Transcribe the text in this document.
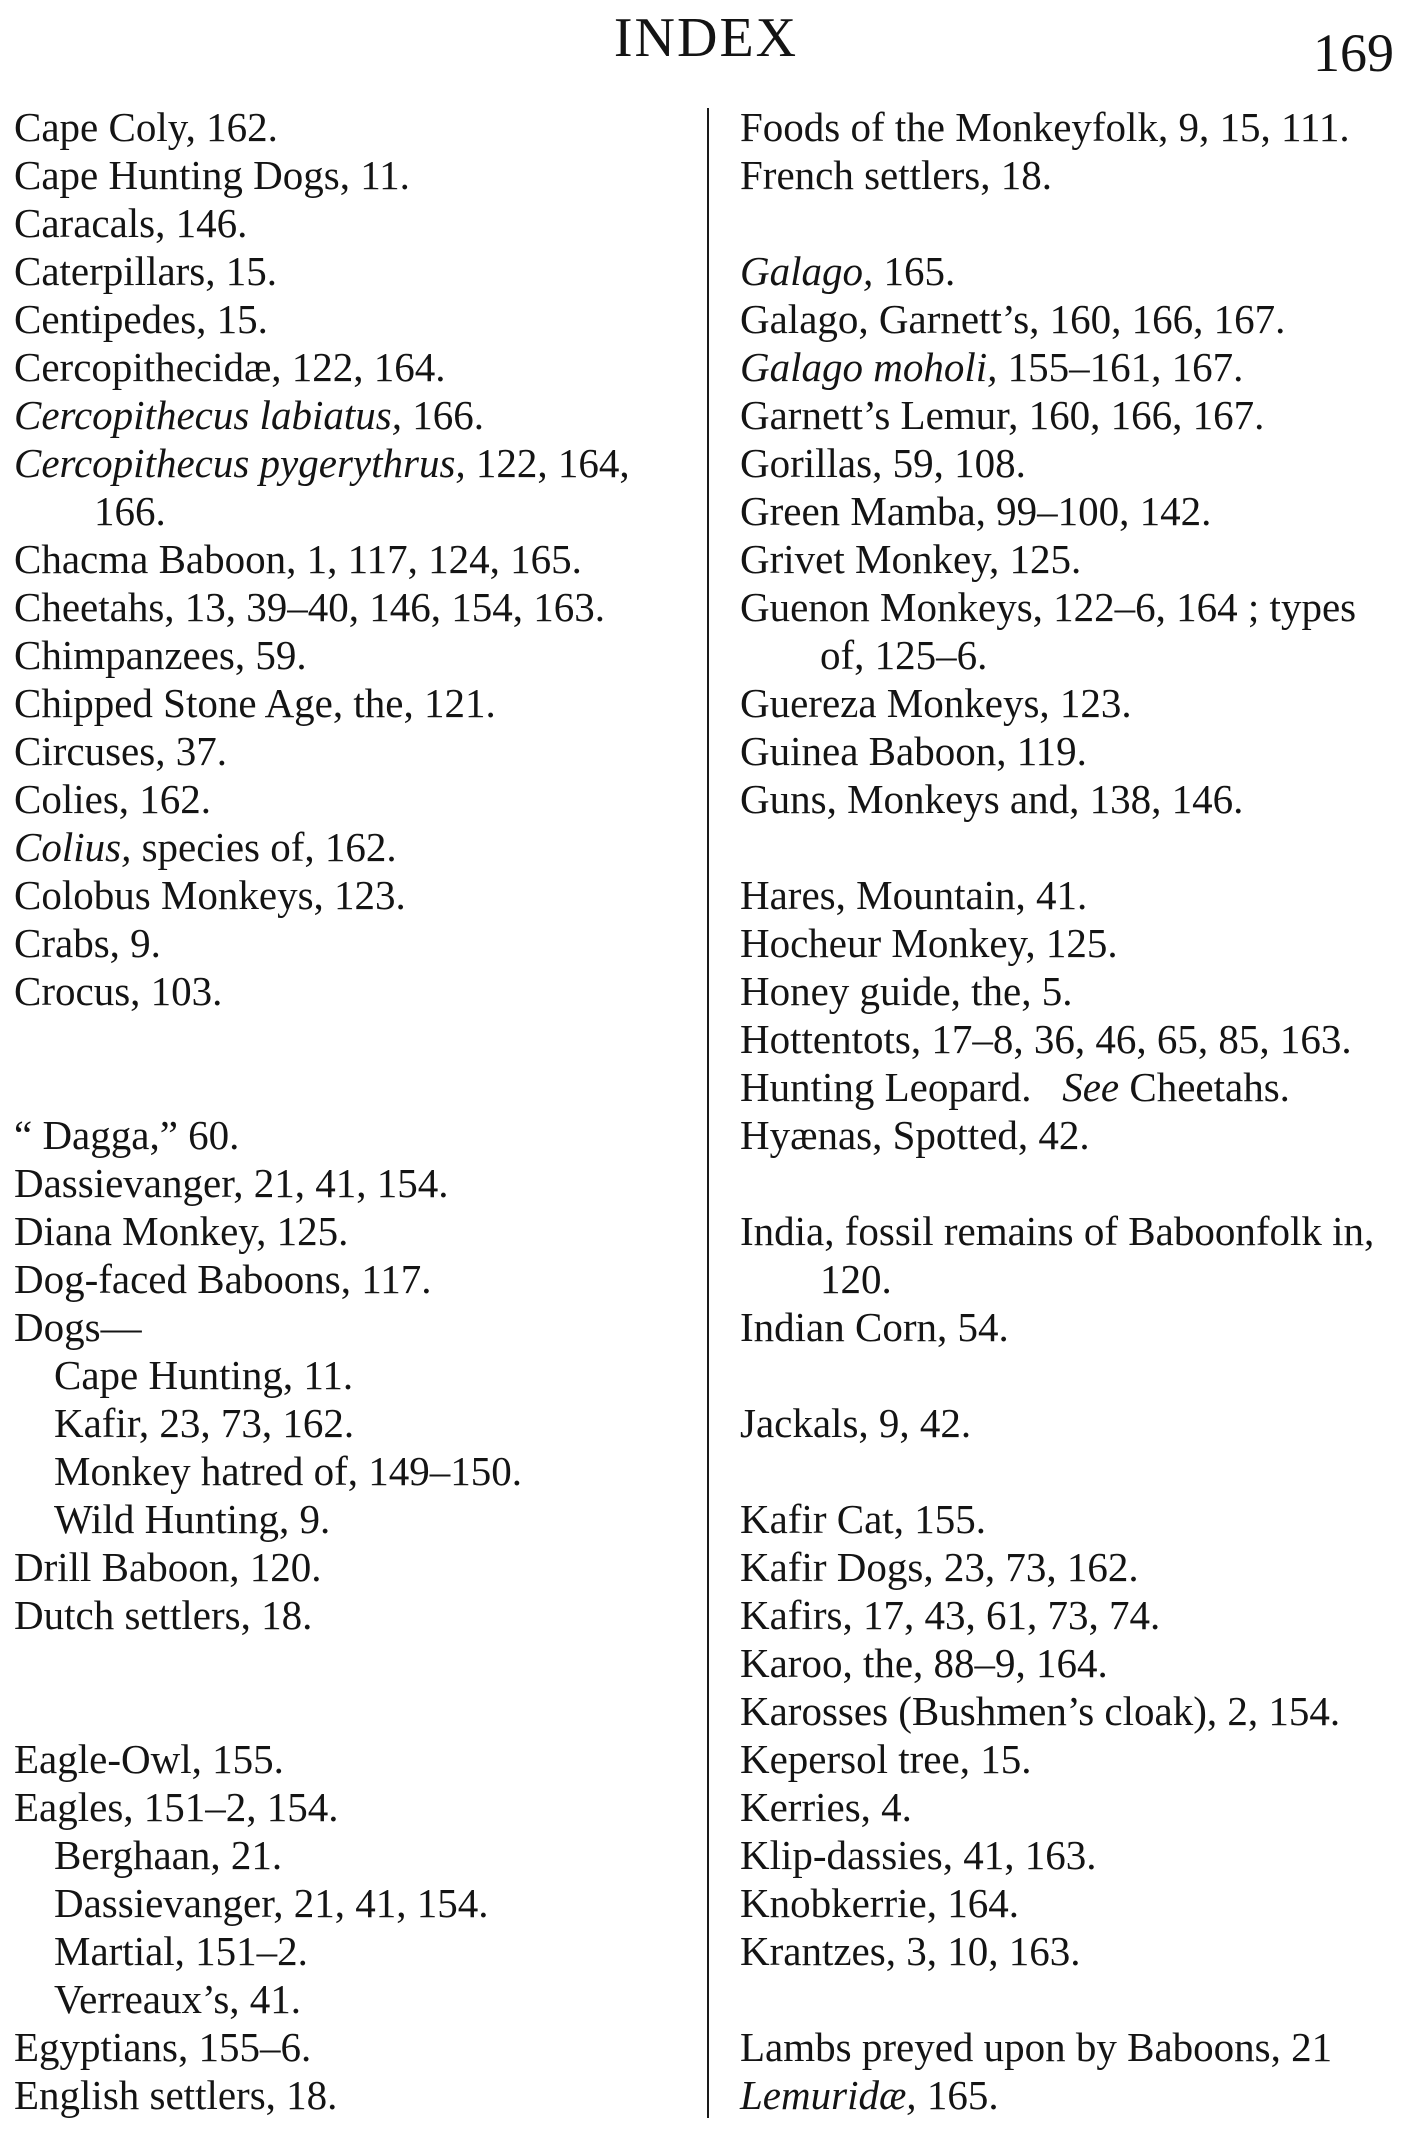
INDEX	169
Cape Coly, 162.
Cape Hunting Dogs, 11.
Caracals, 146.
Caterpillars, 15.
Centipedes, 15.
Cercopithecidæ, 122, 164.
Cercopithecus labiatus, 166.
Cercopithecus pygerythrus, 122, 164, 166.
Chacma Baboon, 1, 117, 124, 165.
Cheetahs, 13, 39–40, 146, 154, 163.
Chimpanzees, 59.
Chipped Stone Age, the, 121.
Circuses, 37.
Colies, 162.
Colius, species of, 162.
Colobus Monkeys, 123.
Crabs, 9.
Crocus, 103.
“ Dagga,” 60.
Dassievanger, 21, 41, 154.
Diana Monkey, 125.
Dog-faced Baboons, 117.
Dogs—
Cape Hunting, 11.
Kafir, 23, 73, 162.
Monkey hatred of, 149–150.
Wild Hunting, 9.
Drill Baboon, 120.
Dutch settlers, 18.
Eagle-Owl, 155.
Eagles, 151–2, 154.
Berghaan, 21.
Dassievanger, 21, 41, 154.
Martial, 151–2.
Verreaux’s, 41.
Egyptians, 155–6.
English settlers, 18.
Foods of the Monkeyfolk, 9, 15, 111.
French settlers, 18.
Galago, 165.
Galago, Garnett’s, 160, 166, 167.
Galago moholi, 155–161, 167.
Garnett’s Lemur, 160, 166, 167.
Gorillas, 59, 108.
Green Mamba, 99–100, 142.
Grivet Monkey, 125.
Guenon Monkeys, 122–6, 164 ; types of, 125–6.
Guereza Monkeys, 123.
Guinea Baboon, 119.
Guns, Monkeys and, 138, 146.
Hares, Mountain, 41.
Hocheur Monkey, 125.
Honey guide, the, 5.
Hottentots, 17–8, 36, 46, 65, 85, 163.
Hunting Leopard. See Cheetahs.
Hyænas, Spotted, 42.
India, fossil remains of Baboonfolk in, 120.
Indian Corn, 54.
Jackals, 9, 42.
Kafir Cat, 155.
Kafir Dogs, 23, 73, 162.
Kafirs, 17, 43, 61, 73, 74.
Karoo, the, 88–9, 164.
Karosses (Bushmen’s cloak), 2, 154.
Kepersol tree, 15.
Kerries, 4.
Klip-dassies, 41, 163.
Knobkerrie, 164.
Krantzes, 3, 10, 163.
Lambs preyed upon by Baboons, 21
Lemuridæ, 165.
